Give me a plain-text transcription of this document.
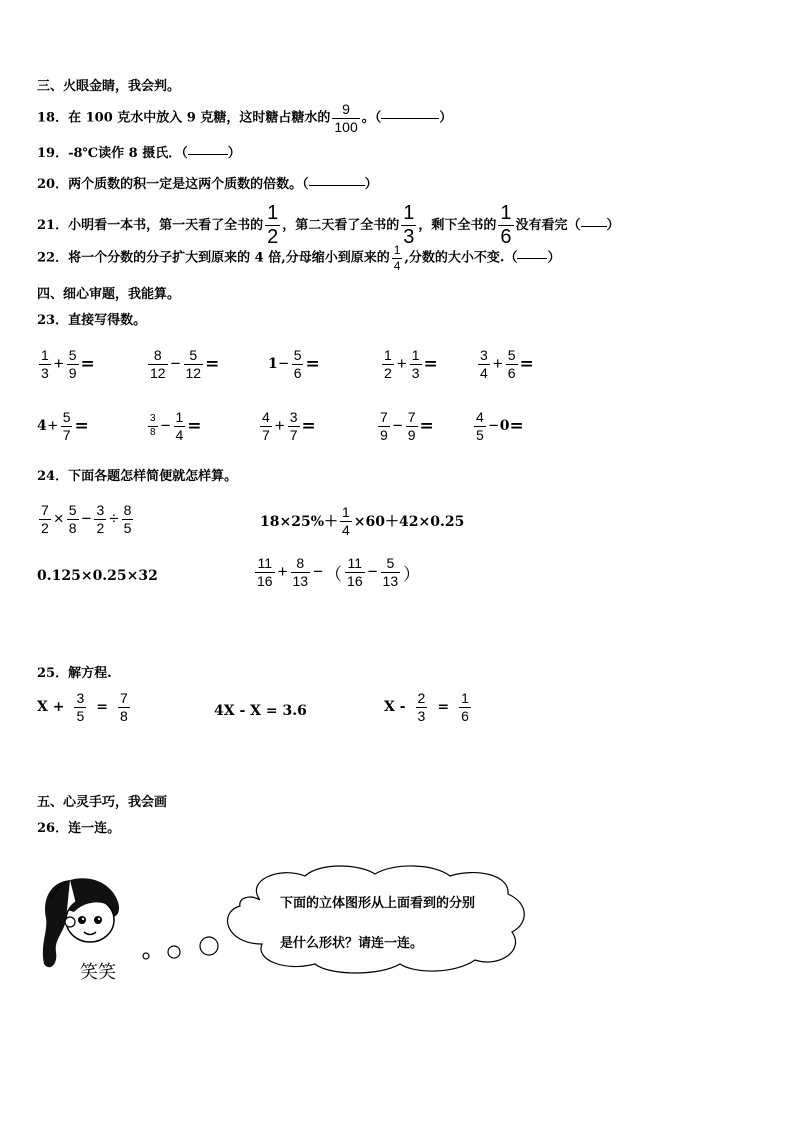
三、火眼金睛，我会判。
18．在 100 克水中放入 9 克糖，这时糖占糖水的 $\frac{9}{100}$ 。（	）
19．-8℃读作 8 摄氏．（	）
20．两个质数的积一定是这两个质数的倍数。（	）
21．小明看一本书，第一天看了全书的 $\frac{1}{2}$ ，第二天看了全书的 $\frac{1}{3}$ ，剩下全书的 $\frac{1}{6}$ 没有看完（ ）
22．将一个分数的分子扩大到原来的 4 倍,分母缩小到原来的 $\frac{1}{4}$ ,分数的大小不变.（ ）
四、细心审题，我能算。
23．直接写得数。
$\frac{1}{3} + \frac{5}{9}$ =	$\frac{8}{12} - \frac{5}{12}$ =	$1- \frac{5}{6}$ =	$\frac{1}{2} + \frac{1}{3}$ =	$\frac{3}{4} + \frac{5}{6}$ =
$4+ \frac{5}{7}$ =	$\frac{3}{8} - \frac{1}{4}$ =	$\frac{4}{7} + \frac{3}{7}$ =	$\frac{7}{9} - \frac{7}{9}$ =	$\frac{4}{5} -0=$
24．下面各题怎样简便就怎样算。
$\frac{7}{2} \times \frac{5}{8} - \frac{3}{2} \div \frac{8}{5}$	$18\times 25\%+ \frac{1}{4} \times 60+42\times 0.25$
0.125×0.25×32	$\frac{11}{16} + \frac{8}{13}$ − （ $\frac{11}{16} - \frac{5}{13}$ ）
25．解方程.
$X + \frac{3}{5} = \frac{7}{8}$	4X - X = 3.6	$X - \frac{2}{3} = \frac{1}{6}$
五、心灵手巧，我会画
26．连一连。
笑笑
下面的立体图形从上面看到的分别
是什么形状？请连一连。
